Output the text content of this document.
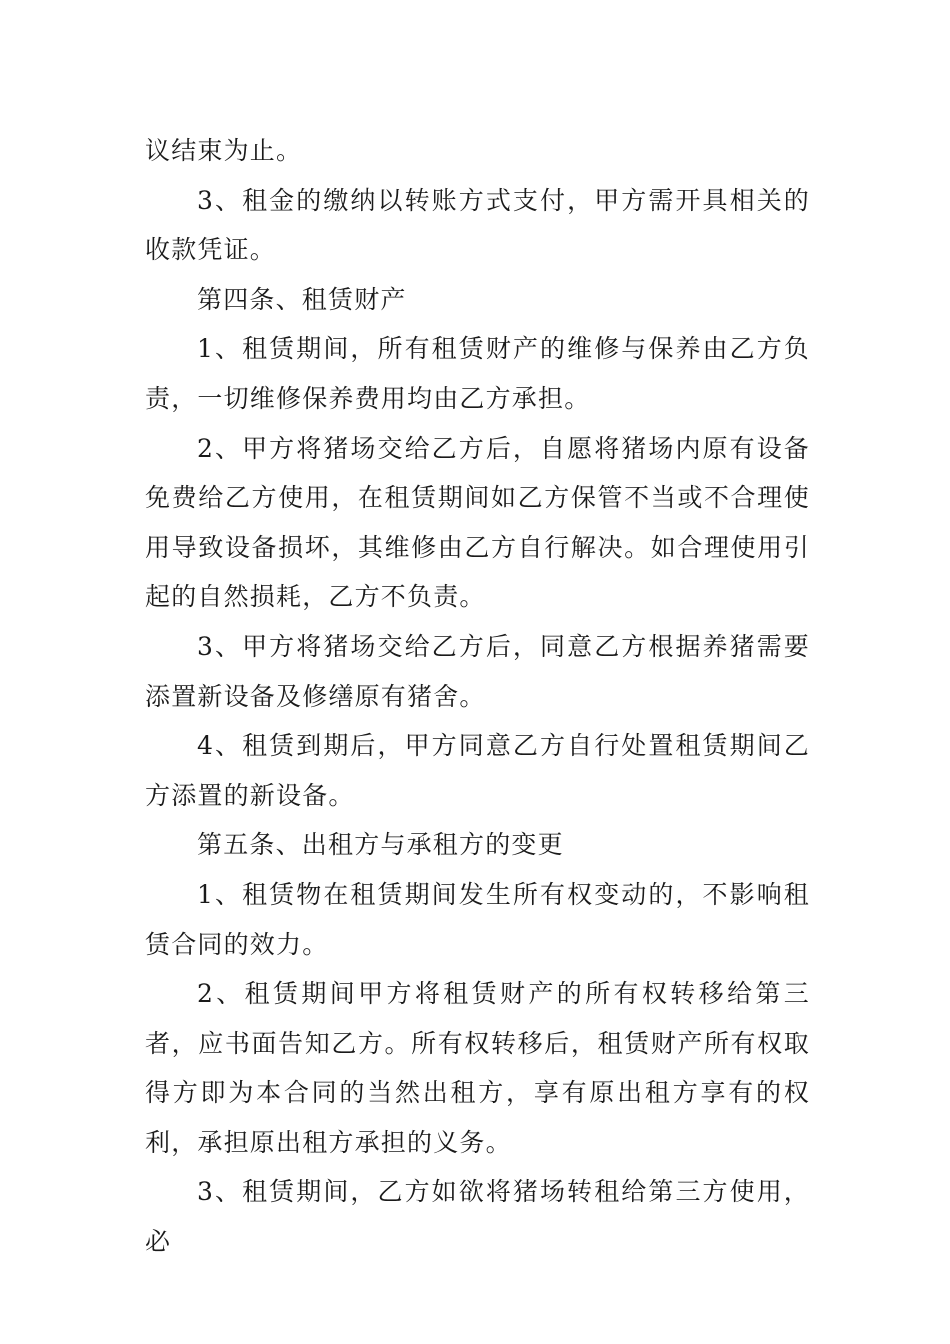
议结束为止。

3、租金的缴纳以转账方式支付，甲方需开具相关的收款凭证。

第四条、租赁财产

1、租赁期间，所有租赁财产的维修与保养由乙方负责，一切维修保养费用均由乙方承担。

2、甲方将猪场交给乙方后，自愿将猪场内原有设备免费给乙方使用，在租赁期间如乙方保管不当或不合理使用导致设备损坏，其维修由乙方自行解决。如合理使用引起的自然损耗，乙方不负责。

3、甲方将猪场交给乙方后，同意乙方根据养猪需要添置新设备及修缮原有猪舍。

4、租赁到期后，甲方同意乙方自行处置租赁期间乙方添置的新设备。

第五条、出租方与承租方的变更

1、租赁物在租赁期间发生所有权变动的，不影响租赁合同的效力。

2、租赁期间甲方将租赁财产的所有权转移给第三者，应书面告知乙方。所有权转移后，租赁财产所有权取得方即为本合同的当然出租方，享有原出租方享有的权利，承担原出租方承担的义务。

3、租赁期间，乙方如欲将猪场转租给第三方使用，必
